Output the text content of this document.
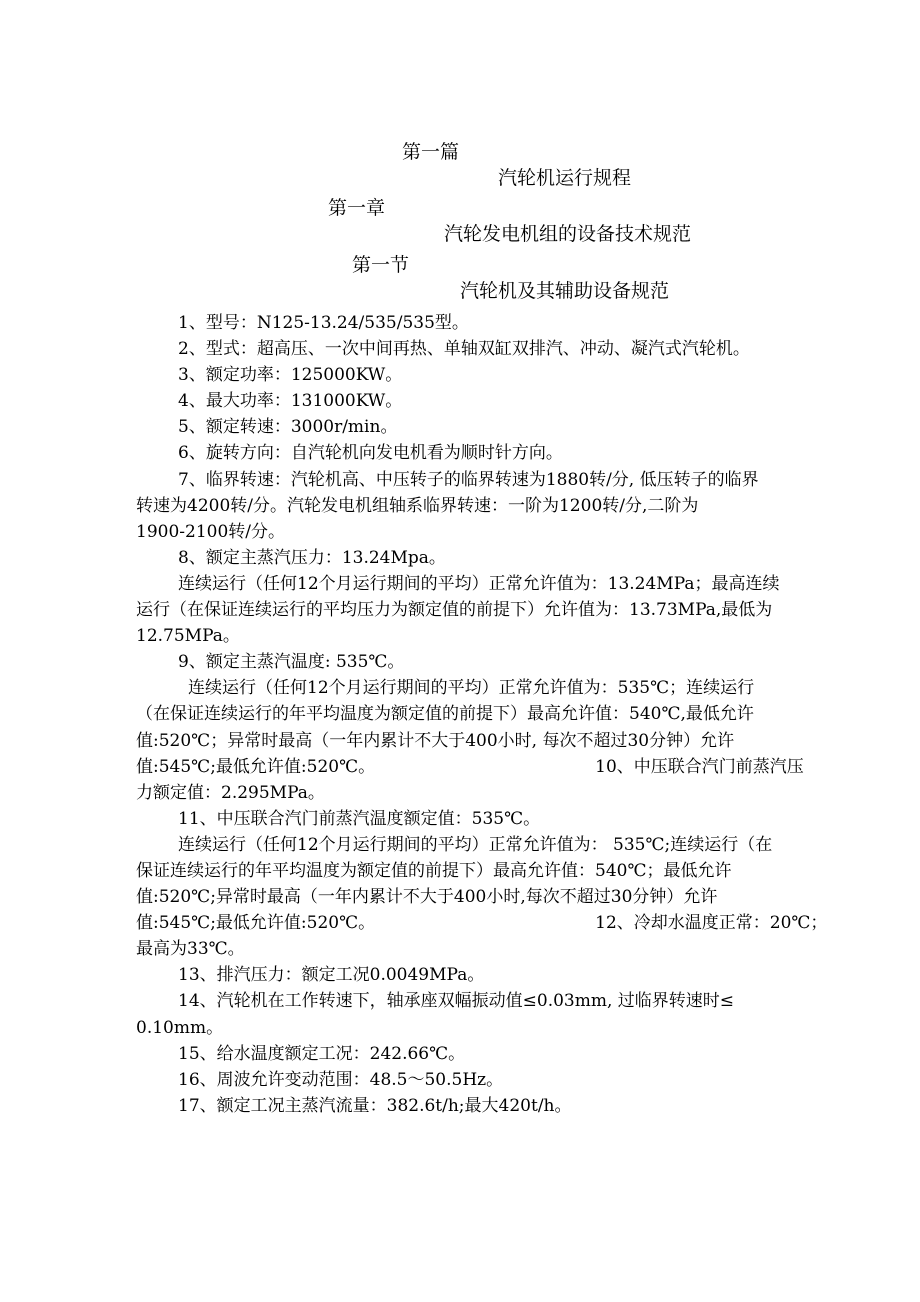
第一篇

汽轮机运行规程

第一章

汽轮发电机组的设备技术规范

第一节

汽轮机及其辅助设备规范

1、型号：N125-13.24/535/535型。
2、型式：超高压、一次中间再热、单轴双缸双排汽、冲动、凝汽式汽轮机。
3、额定功率：125000KW。
4、最大功率：131000KW。
5、额定转速：3000r/min。
6、旋转方向：自汽轮机向发电机看为顺时针方向。
7、临界转速：汽轮机高、中压转子的临界转速为1880转/分, 低压转子的临界
转速为4200转/分。汽轮发电机组轴系临界转速：一阶为1200转/分,二阶为
1900-2100转/分。
8、额定主蒸汽压力：13.24Mpa。
连续运行（任何12个月运行期间的平均）正常允许值为：13.24MPa；最高连续
运行（在保证连续运行的平均压力为额定值的前提下）允许值为：13.73MPa,最低为
12.75MPa。
9、额定主蒸汽温度: 535℃。
连续运行（任何12个月运行期间的平均）正常允许值为：535℃；连续运行
（在保证连续运行的年平均温度为额定值的前提下）最高允许值：540℃,最低允许
值:520℃；异常时最高（一年内累计不大于400小时, 每次不超过30分钟）允许
值:545℃;最低允许值:520℃。	10、中压联合汽门前蒸汽压
力额定值：2.295MPa。
11、中压联合汽门前蒸汽温度额定值：535℃。
连续运行（任何12个月运行期间的平均）正常允许值为： 535℃;连续运行（在
保证连续运行的年平均温度为额定值的前提下）最高允许值：540℃；最低允许
值:520℃;异常时最高（一年内累计不大于400小时,每次不超过30分钟）允许
值:545℃;最低允许值:520℃。	12、冷却水温度正常：20℃；
最高为33℃。
13、排汽压力：额定工况0.0049MPa。
14、汽轮机在工作转速下，轴承座双幅振动值≤0.03mm, 过临界转速时≤
0.10mm。
15、给水温度额定工况：242.66℃。
16、周波允许变动范围：48.5～50.5Hz。
17、额定工况主蒸汽流量：382.6t/h;最大420t/h。
